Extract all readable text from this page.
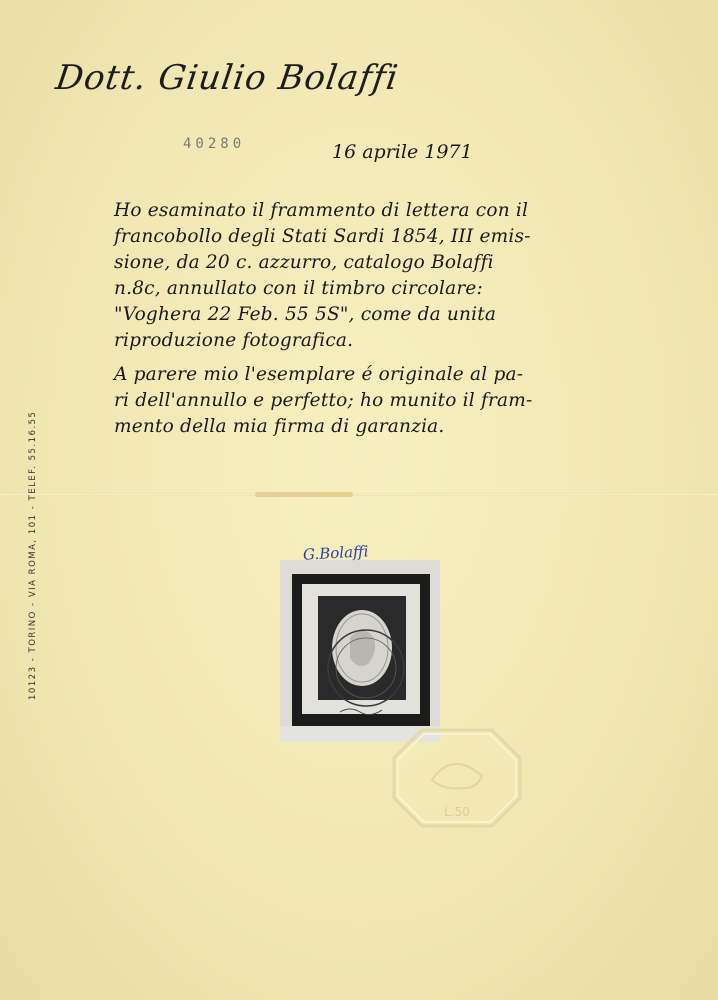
Dott. Giulio Bolaffi
40280	16 aprile 1971
Ho esaminato il frammento di lettera con il
francobollo degli Stati Sardi 1854, III emis-
sione, da 20 c. azzurro, catalogo Bolaffi
n.8c, annullato con il timbro circolare:
"Voghera 22 Feb. 55 5S", come da unita
riproduzione fotografica.
A parere mio l'esemplare é originale al pa-
ri dell'annullo e perfetto; ho munito il fram-
mento della mia firma di garanzia.
10123 - TORINO - VIA ROMA, 101 - TELEF. 55.16.55	G.Bolaffi
L.50
